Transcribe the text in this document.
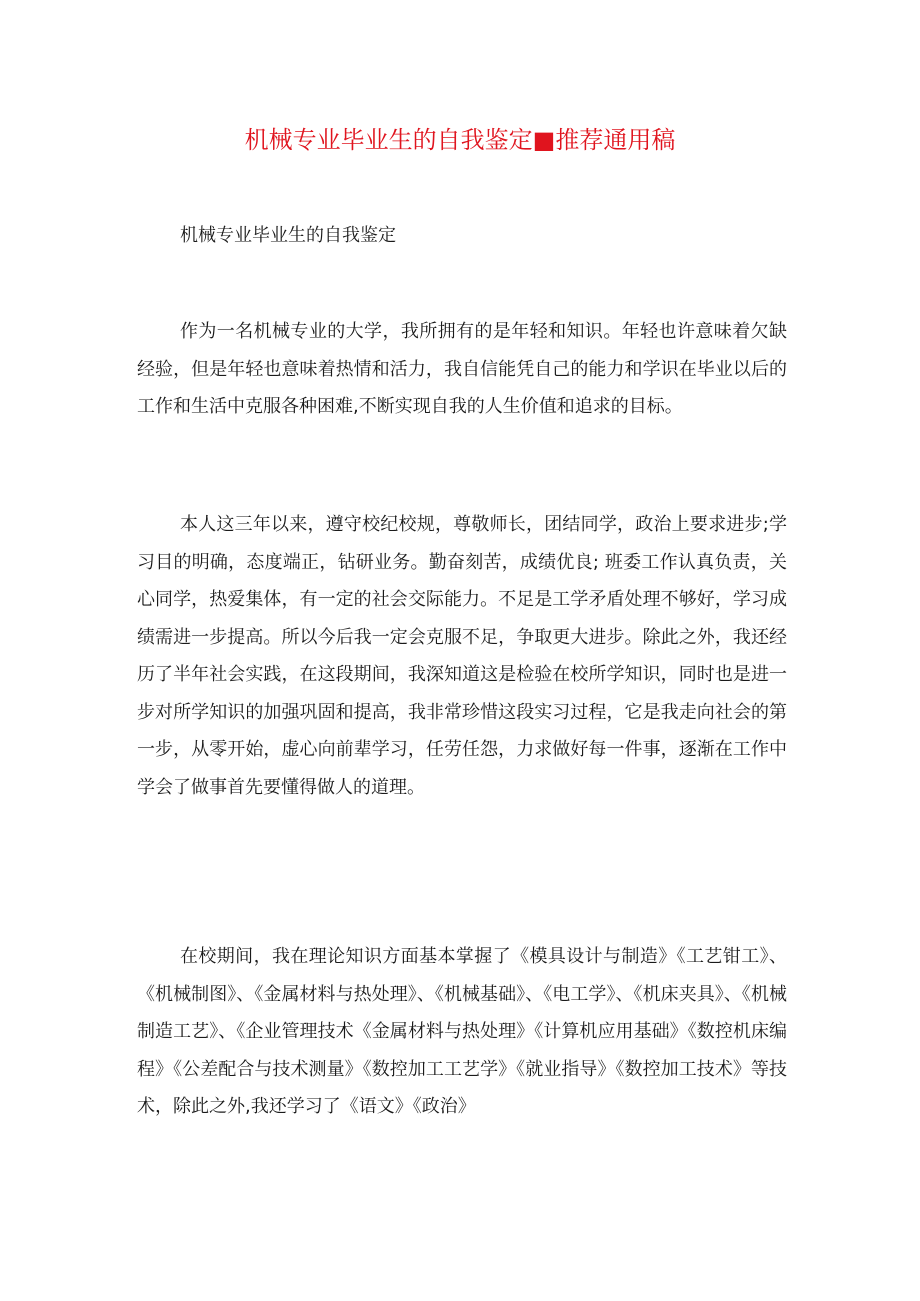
机械专业毕业生的自我鉴定■推荐通用稿
机械专业毕业生的自我鉴定

作为一名机械专业的大学，我所拥有的是年轻和知识。年轻也许意味着欠缺经验，但是年轻也意味着热情和活力，我自信能凭自己的能力和学识在毕业以后的工作和生活中克服各种困难,不断实现自我的人生价值和追求的目标。

本人这三年以来，遵守校纪校规，尊敬师长，团结同学，政治上要求进步;学习目的明确，态度端正，钻研业务。勤奋刻苦，成绩优良; 班委工作认真负责，关心同学，热爱集体，有一定的社会交际能力。不足是工学矛盾处理不够好，学习成绩需进一步提高。所以今后我一定会克服不足，争取更大进步。除此之外，我还经历了半年社会实践，在这段期间，我深知道这是检验在校所学知识，同时也是进一步对所学知识的加强巩固和提高，我非常珍惜这段实习过程，它是我走向社会的第一步，从零开始，虚心向前辈学习，任劳任怨，力求做好每一件事，逐渐在工作中学会了做事首先要懂得做人的道理。

在校期间，我在理论知识方面基本掌握了《模具设计与制造》《工艺钳工》、《机械制图》、《金属材料与热处理》、《机械基础》、《电工学》、《机床夹具》、《机械制造工艺》、《企业管理技术《金属材料与热处理》《计算机应用基础》《数控机床编程》《公差配合与技术测量》《数控加工工艺学》《就业指导》《数控加工技术》等技术，除此之外,我还学习了《语文》《政治》
